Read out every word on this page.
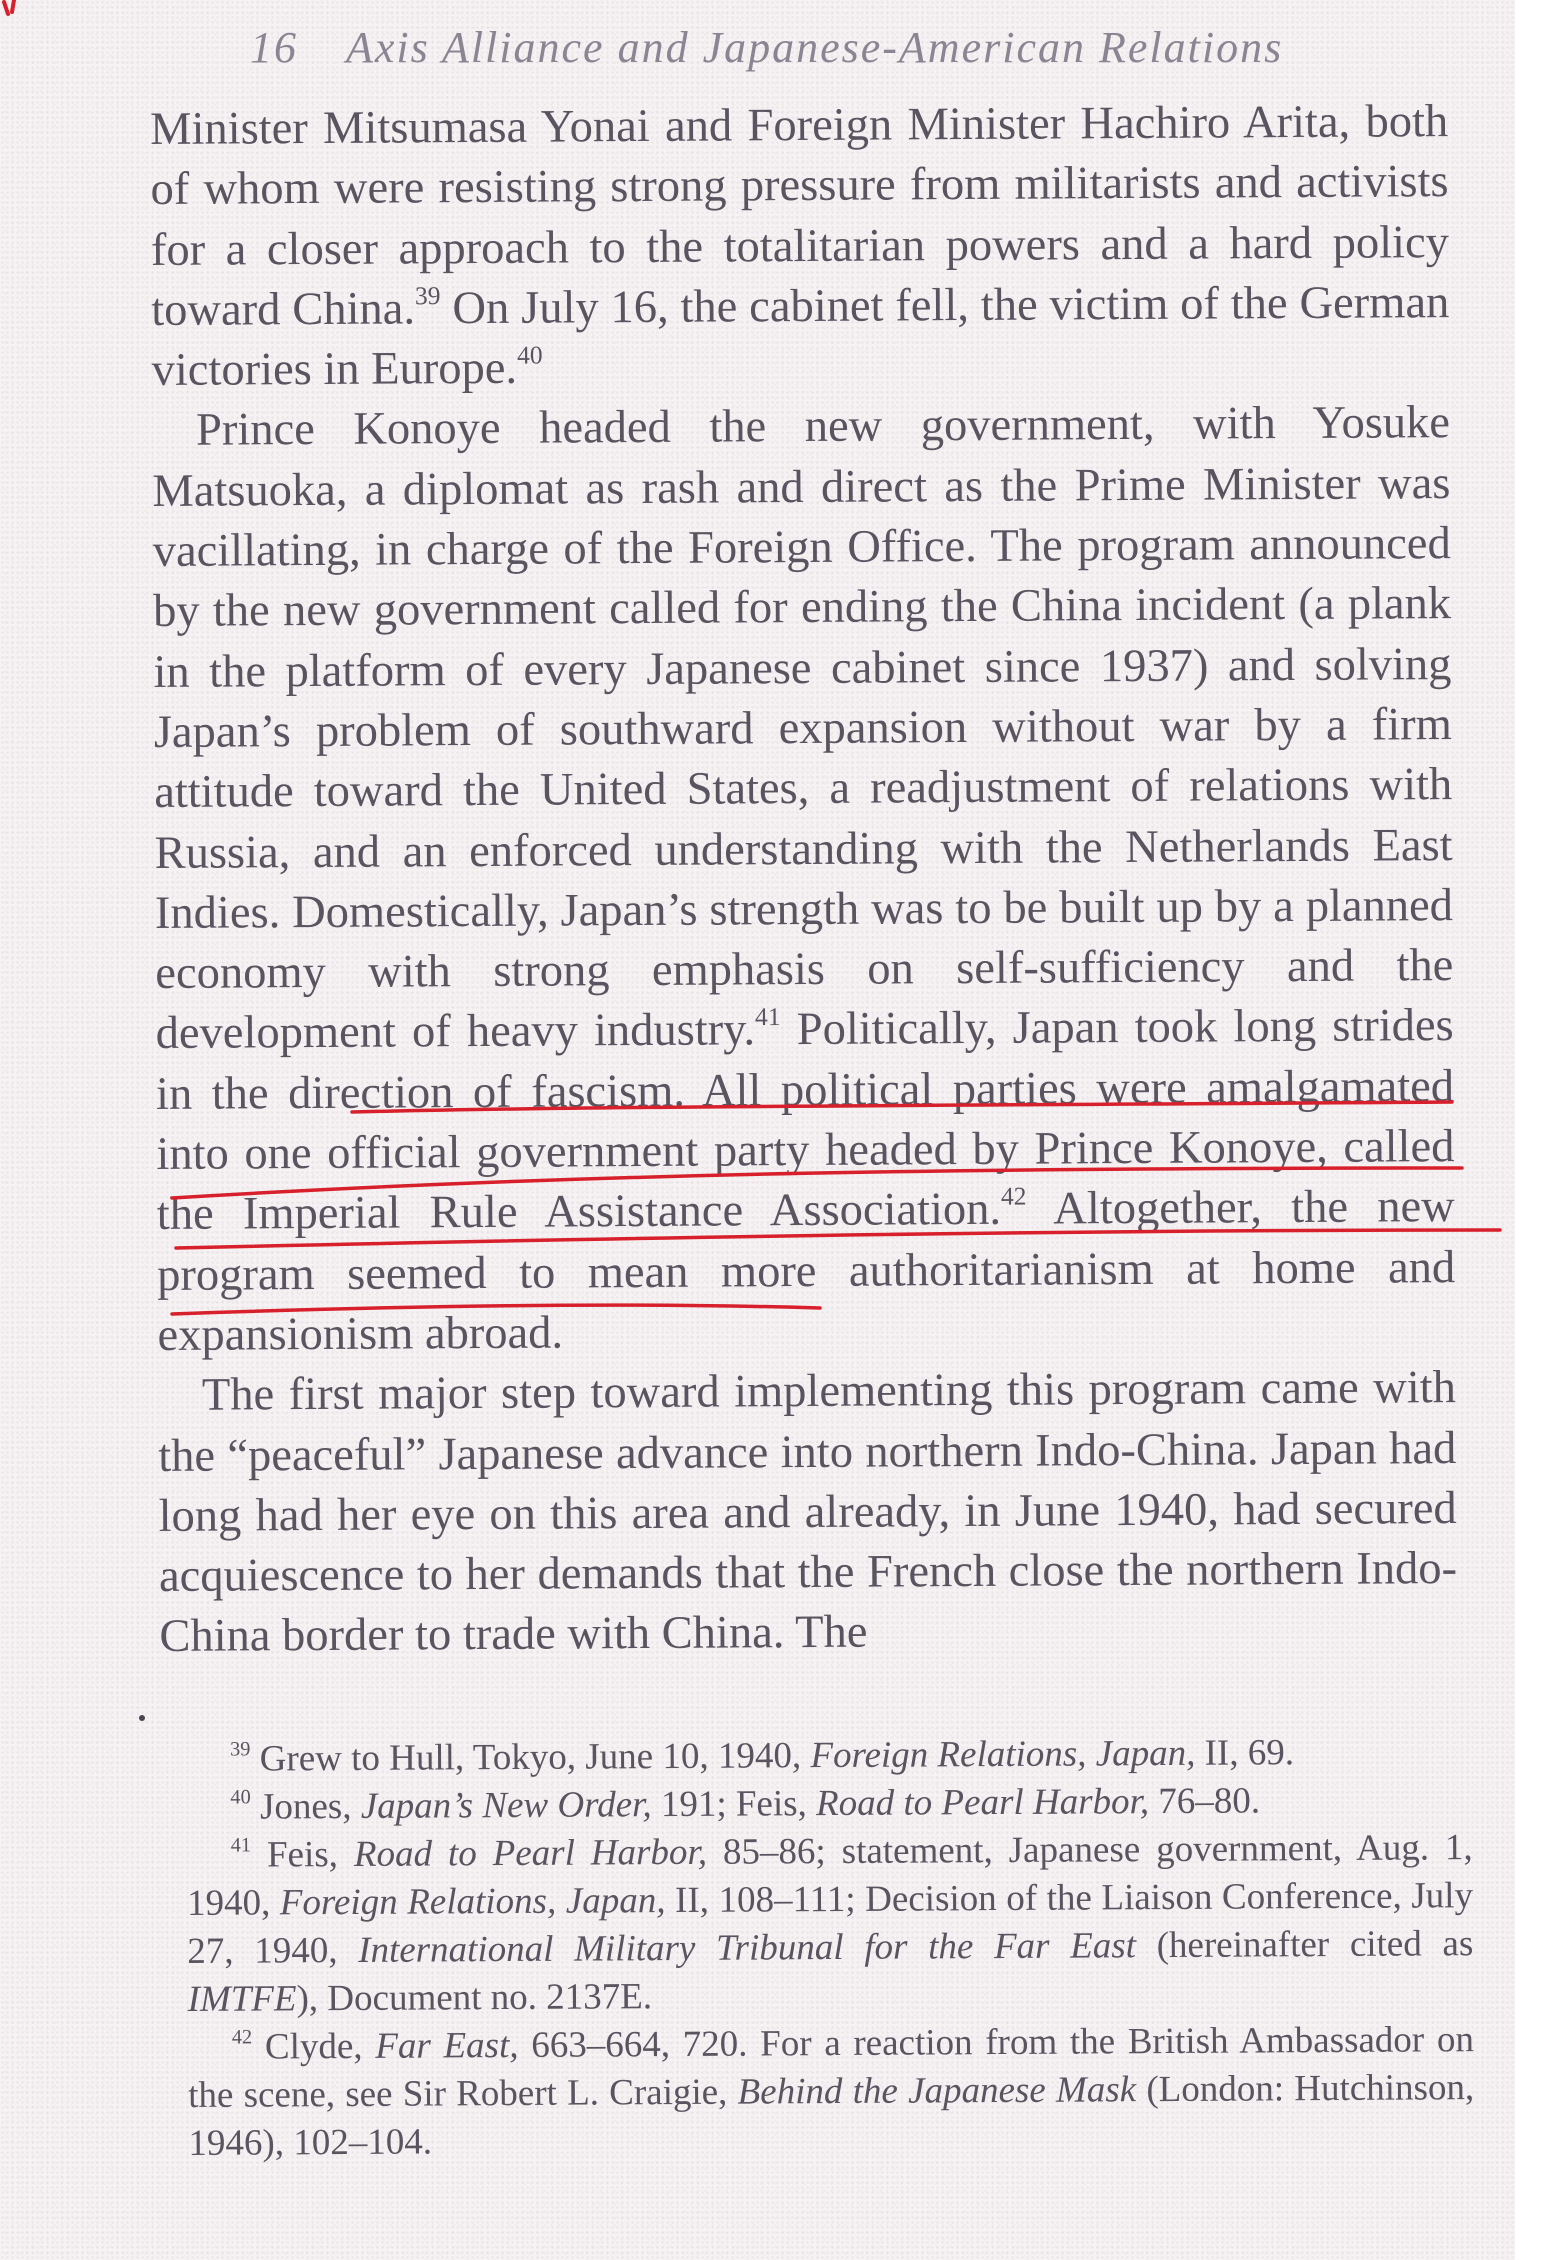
16 Axis Alliance and Japanese-American Relations

Minister Mitsumasa Yonai and Foreign Minister Hachiro Arita, both of whom were resisting strong pressure from militarists and activists for a closer approach to the totalitarian powers and a hard policy toward China.$^{39}$ On July 16, the cabinet fell, the victim of the German victories in Europe.$^{40}$

Prince Konoye headed the new government, with Yosuke Matsuoka, a diplomat as rash and direct as the Prime Minister was vacillating, in charge of the Foreign Office. The program announced by the new government called for ending the China incident (a plank in the platform of every Japanese cabinet since 1937) and solving Japan’s problem of southward expansion without war by a firm attitude toward the United States, a readjustment of relations with Russia, and an enforced understanding with the Netherlands East Indies. Domestically, Japan’s strength was to be built up by a planned economy with strong emphasis on self-sufficiency and the development of heavy industry.$^{41}$ Politically, Japan took long strides in the direction of fascism. All political parties were amalgamated into one official government party headed by Prince Konoye, called the Imperial Rule Assistance Association.$^{42}$ Altogether, the new program seemed to mean more authoritarianism at home and expansionism abroad.

The first major step toward implementing this program came with the “peaceful” Japanese advance into northern Indo-China. Japan had long had her eye on this area and already, in June 1940, had secured acquiescence to her demands that the French close the northern Indo-China border to trade with China. The

$^{39}$ Grew to Hull, Tokyo, June 10, 1940, Foreign Relations, Japan, II, 69.

$^{40}$ Jones, Japan’s New Order, 191; Feis, Road to Pearl Harbor, 76–80.

$^{41}$ Feis, Road to Pearl Harbor, 85–86; statement, Japanese government, Aug. 1, 1940, Foreign Relations, Japan, II, 108–111; Decision of the Liaison Conference, July 27, 1940, International Military Tribunal for the Far East (hereinafter cited as IMTFE), Document no. 2137E.

$^{42}$ Clyde, Far East, 663–664, 720. For a reaction from the British Ambassador on the scene, see Sir Robert L. Craigie, Behind the Japanese Mask (London: Hutchinson, 1946), 102–104.
